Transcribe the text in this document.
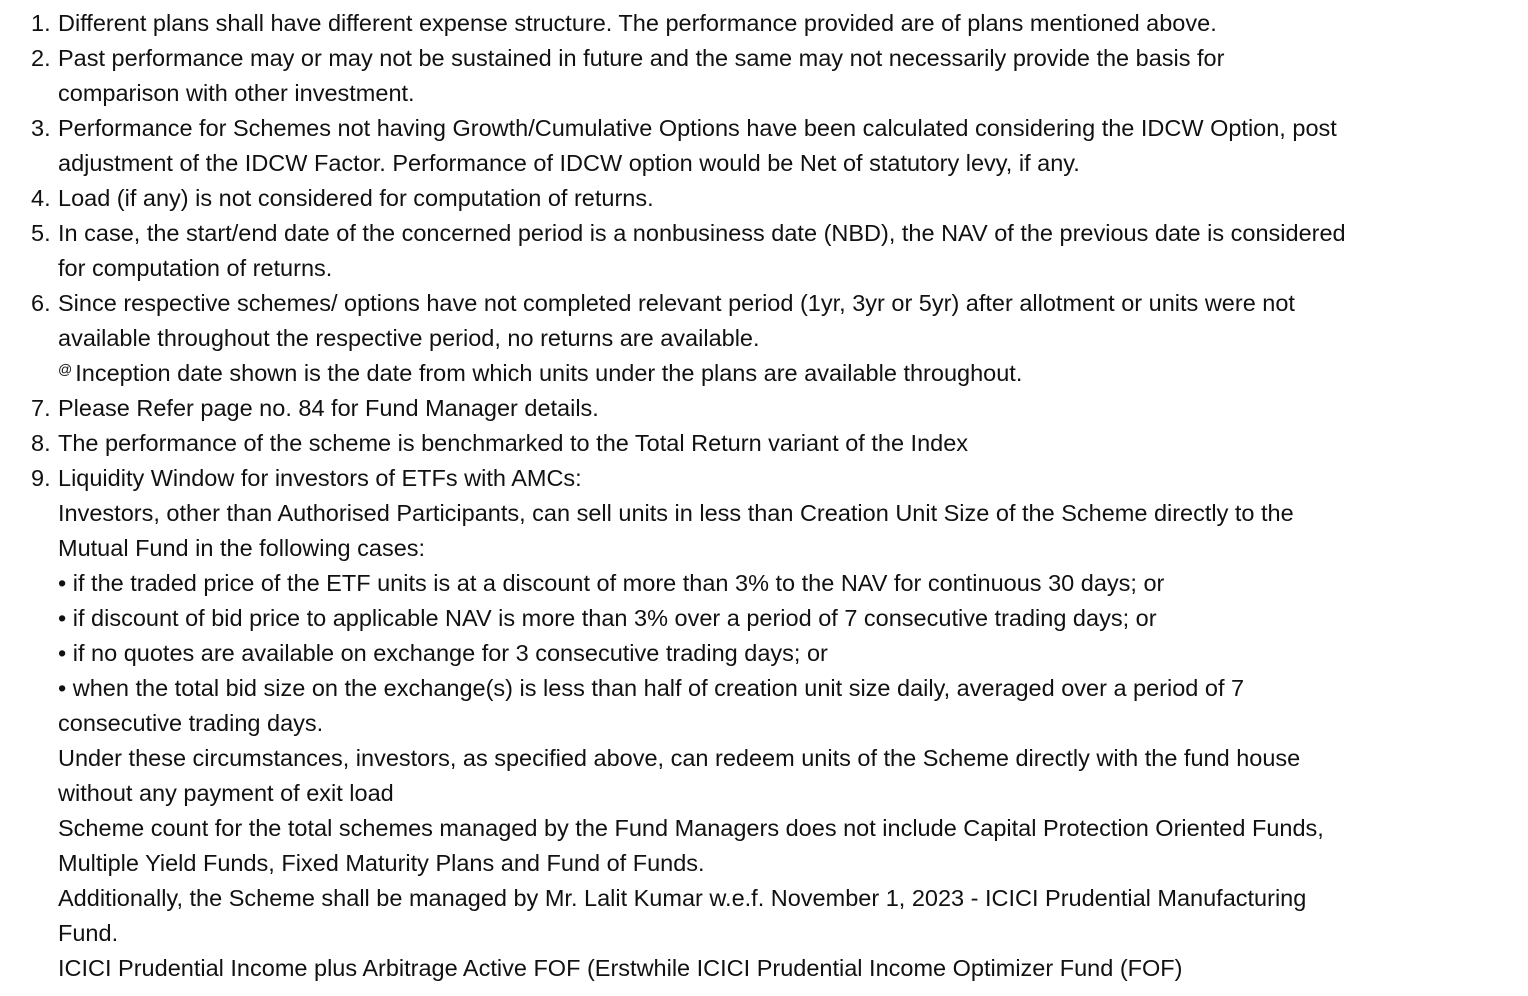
1. Different plans shall have different expense structure. The performance provided are of plans mentioned above.
2. Past performance may or may not be sustained in future and the same may not necessarily provide the basis for
comparison with other investment.
3. Performance for Schemes not having Growth/Cumulative Options have been calculated considering the IDCW Option, post
adjustment of the IDCW Factor. Performance of IDCW option would be Net of statutory levy, if any.
4. Load (if any) is not considered for computation of returns.
5. In case, the start/end date of the concerned period is a nonbusiness date (NBD), the NAV of the previous date is considered
for computation of returns.
6. Since respective schemes/ options have not completed relevant period (1yr, 3yr or 5yr) after allotment or units were not
available throughout the respective period, no returns are available.
@ Inception date shown is the date from which units under the plans are available throughout.
7. Please Refer page no. 84 for Fund Manager details.
8. The performance of the scheme is benchmarked to the Total Return variant of the Index
9. Liquidity Window for investors of ETFs with AMCs:
Investors, other than Authorised Participants, can sell units in less than Creation Unit Size of the Scheme directly to the
Mutual Fund in the following cases:
• if the traded price of the ETF units is at a discount of more than 3% to the NAV for continuous 30 days; or
• if discount of bid price to applicable NAV is more than 3% over a period of 7 consecutive trading days; or
• if no quotes are available on exchange for 3 consecutive trading days; or
• when the total bid size on the exchange(s) is less than half of creation unit size daily, averaged over a period of 7
consecutive trading days.
Under these circumstances, investors, as specified above, can redeem units of the Scheme directly with the fund house
without any payment of exit load
Scheme count for the total schemes managed by the Fund Managers does not include Capital Protection Oriented Funds,
Multiple Yield Funds, Fixed Maturity Plans and Fund of Funds.
Additionally, the Scheme shall be managed by Mr. Lalit Kumar w.e.f. November 1, 2023 - ICICI Prudential Manufacturing
Fund.
ICICI Prudential Income plus Arbitrage Active FOF (Erstwhile ICICI Prudential Income Optimizer Fund (FOF)
